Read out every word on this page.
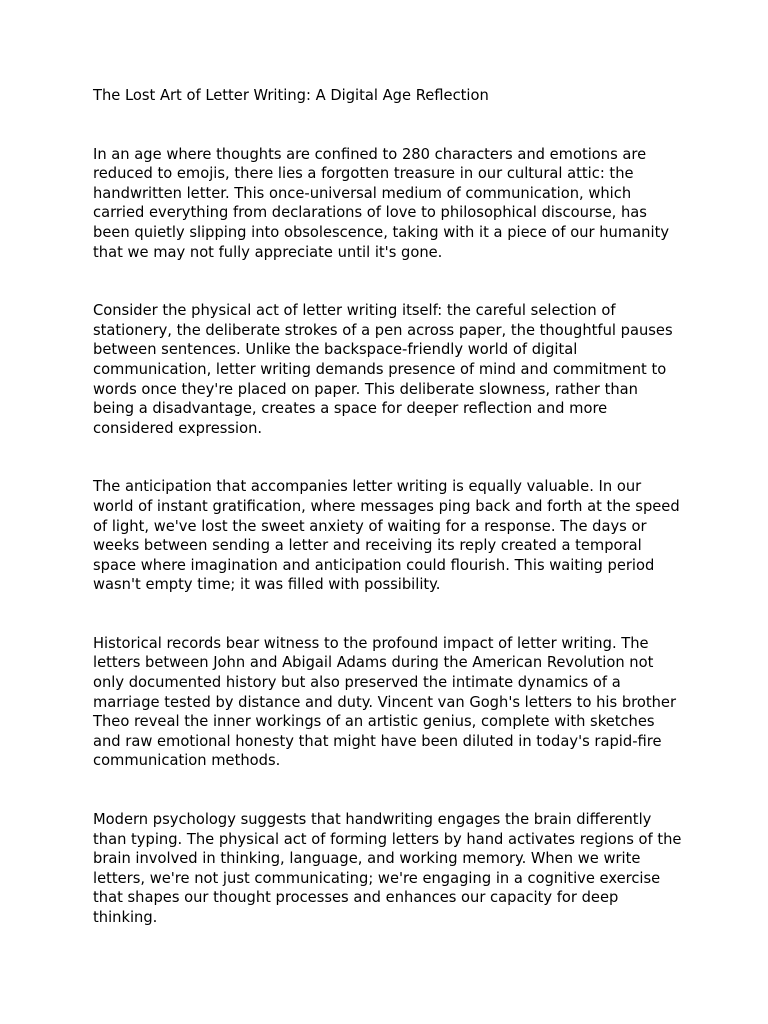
The Lost Art of Letter Writing: A Digital Age Reflection

In an age where thoughts are confined to 280 characters and emotions are reduced to emojis, there lies a forgotten treasure in our cultural attic: the handwritten letter. This once-universal medium of communication, which carried everything from declarations of love to philosophical discourse, has been quietly slipping into obsolescence, taking with it a piece of our humanity that we may not fully appreciate until it's gone.

Consider the physical act of letter writing itself: the careful selection of stationery, the deliberate strokes of a pen across paper, the thoughtful pauses between sentences. Unlike the backspace-friendly world of digital communication, letter writing demands presence of mind and commitment to words once they're placed on paper. This deliberate slowness, rather than being a disadvantage, creates a space for deeper reflection and more considered expression.

The anticipation that accompanies letter writing is equally valuable. In our world of instant gratification, where messages ping back and forth at the speed of light, we've lost the sweet anxiety of waiting for a response. The days or weeks between sending a letter and receiving its reply created a temporal space where imagination and anticipation could flourish. This waiting period wasn't empty time; it was filled with possibility.

Historical records bear witness to the profound impact of letter writing. The letters between John and Abigail Adams during the American Revolution not only documented history but also preserved the intimate dynamics of a marriage tested by distance and duty. Vincent van Gogh's letters to his brother Theo reveal the inner workings of an artistic genius, complete with sketches and raw emotional honesty that might have been diluted in today's rapid-fire communication methods.

Modern psychology suggests that handwriting engages the brain differently than typing. The physical act of forming letters by hand activates regions of the brain involved in thinking, language, and working memory. When we write letters, we're not just communicating; we're engaging in a cognitive exercise that shapes our thought processes and enhances our capacity for deep thinking.
